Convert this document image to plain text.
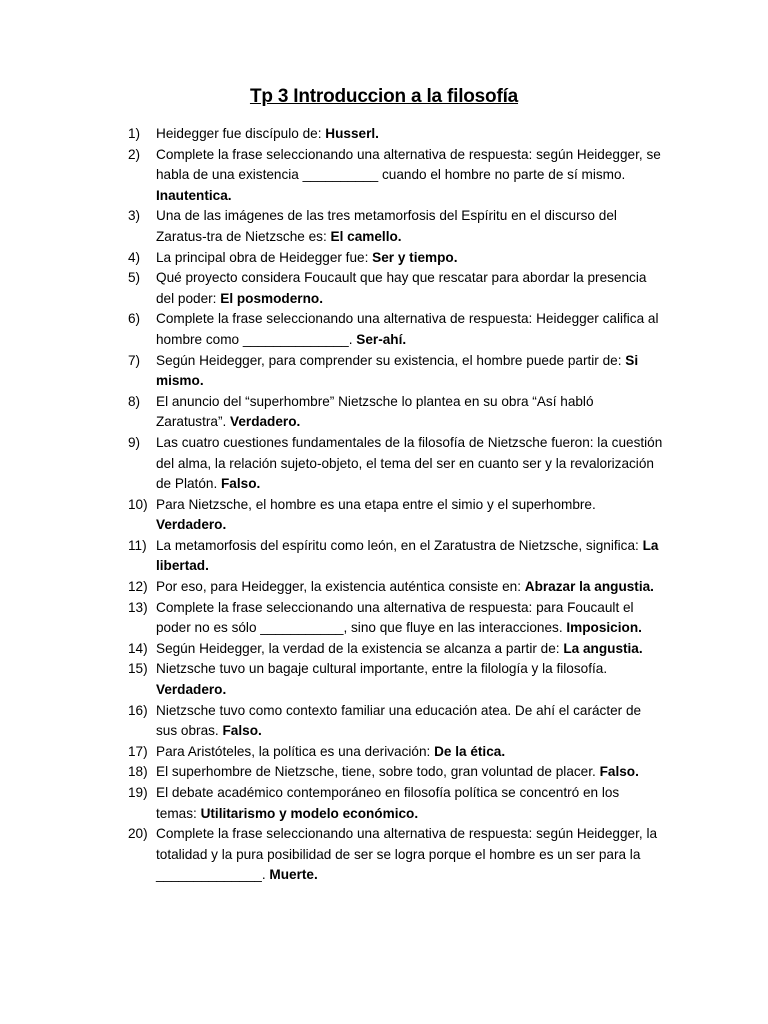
Tp 3 Introduccion a la filosofía
1) Heidegger fue discípulo de: Husserl.
2) Complete la frase seleccionando una alternativa de respuesta: según Heidegger, se habla de una existencia __________ cuando el hombre no parte de sí mismo. Inautentica.
3) Una de las imágenes de las tres metamorfosis del Espíritu en el discurso del Zaratus-tra de Nietzsche es: El camello.
4) La principal obra de Heidegger fue: Ser y tiempo.
5) Qué proyecto considera Foucault que hay que rescatar para abordar la presencia del poder: El posmoderno.
6) Complete la frase seleccionando una alternativa de respuesta: Heidegger califica al hombre como ______________. Ser-ahí.
7) Según Heidegger, para comprender su existencia, el hombre puede partir de: Si mismo.
8) El anuncio del “superhombre” Nietzsche lo plantea en su obra “Así habló Zaratustra”. Verdadero.
9) Las cuatro cuestiones fundamentales de la filosofía de Nietzsche fueron: la cuestión del alma, la relación sujeto-objeto, el tema del ser en cuanto ser y la revalorización de Platón. Falso.
10) Para Nietzsche, el hombre es una etapa entre el simio y el superhombre. Verdadero.
11) La metamorfosis del espíritu como león, en el Zaratustra de Nietzsche, significa: La libertad.
12) Por eso, para Heidegger, la existencia auténtica consiste en: Abrazar la angustia.
13) Complete la frase seleccionando una alternativa de respuesta: para Foucault el poder no es sólo ___________, sino que fluye en las interacciones. Imposicion.
14) Según Heidegger, la verdad de la existencia se alcanza a partir de: La angustia.
15) Nietzsche tuvo un bagaje cultural importante, entre la filología y la filosofía. Verdadero.
16) Nietzsche tuvo como contexto familiar una educación atea. De ahí el carácter de sus obras. Falso.
17) Para Aristóteles, la política es una derivación: De la ética.
18) El superhombre de Nietzsche, tiene, sobre todo, gran voluntad de placer. Falso.
19) El debate académico contemporáneo en filosofía política se concentró en los temas: Utilitarismo y modelo económico.
20) Complete la frase seleccionando una alternativa de respuesta: según Heidegger, la totalidad y la pura posibilidad de ser se logra porque el hombre es un ser para la ______________. Muerte.
